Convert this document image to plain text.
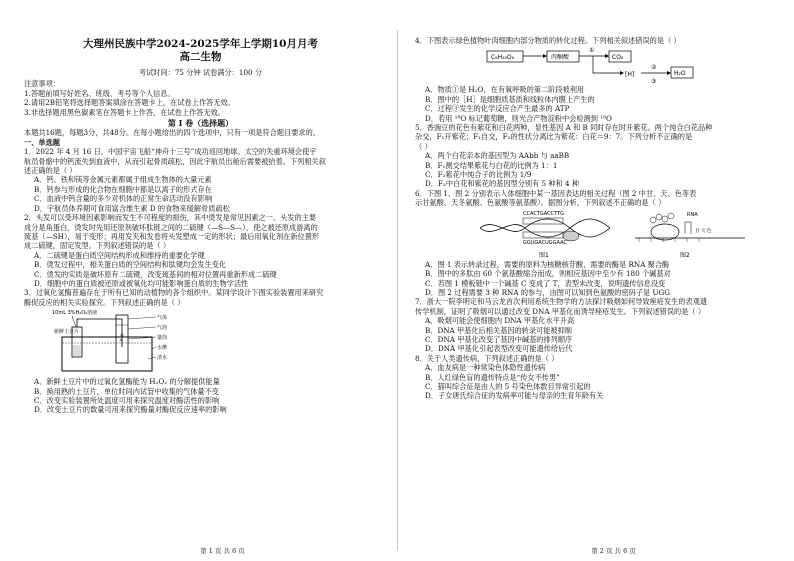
大理州民族中学2024-2025学年上学期10月月考

高二生物

考试时间：75 分钟 试卷满分：100 分

注意事项：

1.答题前填写好姓名、班级、考号等个人信息。

2.请用2B铅笔将选择题答案填涂在答题卡上，在试卷上作答无效。

3.非选择题用黑色碳素笔在答题卡上作答，在试卷上作答无效。

第 I 卷（选择题）

本题共16题，每题3分，共48分。在每小题给出的四个选项中，只有一项是符合题目要求的。

一、单选题

1．2022 年 4 月 16 日，中国宇宙飞船“神舟十三号”成功返回地球。太空的失重环境会使宇

航员骨骼中的钙流失到血液中，从而引起骨质疏松，因此宇航员出舱后需要被抬着。下列相关叙

述正确的是（ ）

A．钙、铁和镁等金属元素都属于组成生物体的大量元素

B．钙参与形成的化合物在细胞中都是以离子的形式存在

C．血液中钙含量的多少对机体的正常生命活动没有影响

D．宇航员体养期可食用富含维生素 D 的食物来缓解骨质疏松

2．头发可以受环境因素影响而发生不可程度的损伤，其中烫发是常见因素之一。头发的主要

成分是角蛋白，烫发时先用还原剂破坏肽链之间的二硫键（—S—S—），使之被还原成游离的

巯基（—SH），易于变形；再用发夹和发卷将头发塑成一定的形状；最后用氧化剂在新位置形

成二硫键，固定发型。下列叙述错误的是（ ）

A．二硫键是蛋白质空间结构形成和维持的重要化学键

B．烫发过程中，相关蛋白质的空间结构和肽键均会发生变化

C．烫发的实质是破坏原有二硫键，改变巯基间的相对位置再重新形成二硫键

D．细胞中的蛋白质被还原或被氧化均可能影响蛋白质的生物学活性

3．过氧化氢酶普遍存在于所有已知的动植物的各个组织中。某同学设计下图实验装置用来研究

酶促反应的相关实验探究。下列叙述正确的是（ ）

10mL 3%H₂O₂溶液
新鲜土豆片
气体
气泡
量筒
水槽
清水

A．新鲜土豆片中的过氧化氢酶能为 H₂O₂ 的分解提供能量

B．换用熟的土豆片，单位时间内试管中收集的气体量不变

C．改变实验装置所处温度可用来探究温度对酶活性的影响

D．改变土豆片的数量可用来探究酶量对酶促反应速率的影响

第 1 页 共 6 页

4．下图表示绿色植物叶肉细胞内部分物质的转化过程。下列相关叙述错误的是（ ）

C₆H₁₂O₆	丙酮酸
①
CO₂
[H]
②
③
H₂O

A．物质①是 H₂O，在有氧呼吸的第二阶段被利用

B．图中的［H］是细胞质基质和线粒体内膜上产生的

C．过程③发生的化学反应合产生最多的 ATP

D．若用 ¹⁸O 标记葡萄糖，则光合产物淀粉中会检测到 ¹⁸O

5．香豌豆的花色有紫花和白花两种，显性基因 A 和 B 同时存在时开紫花。两个纯合白花品种

杂交，F₁开紫花；F₁自交，F₂的性状分离比为紫花：白花＝9：7。下列分析不正确的是

（ ）

A．两个白花亲本的基因型为 AAbb 与 aaBB

B．F₁测交结果紫花与白花的比例为 1：1

C．F₂紫花中纯合子的比例为 1/9

D．F₂中白花和紫花的基因型分别有 5 种和 4 种

6．下图 1、图 2 分别表示人体细胞中某一基因表达的相关过程（图 2 中甘、天、色等表

示甘氨酸、天冬氨酸、色氨酸等氨基酸）。据图分析，下列叙述不正确的是（ ）

CCACTGACCTTG
GGUGACUGGAAC
图1
RNA
甘 天 色
图2

A．图 1 表示转录过程，需要的原料为核糖核苷酸，需要的酶是 RNA 聚合酶

B．图中的多肽由 60 个氨基酸缩合而成，则相应基因中至少有 180 个碱基对

C．若图 1 模板链中一个碱基 C 变成了 T，表型未改变，说明遗传信息没变

D．图 2 过程需要 3 种 RNA 的参与，由图可以知到色氨酸的密码子是 UGG

7．浙大一院李明定和马云龙首次利用系统生物学的方法探讨吸烟如何导致痤疮发生的表观遗

传学机制，证明了吸烟可以通过改变 DNA 甲基化而诱导痤疮发生。下列叙述错误的是（ ）

A．吸烟可能会使细胞内 DNA 甲基化水平升高

B．DNA 甲基化后相关基因的转录可能被抑制

C．DNA 甲基化改变了基因中碱基的排列顺序

D．DNA 甲基化引起表型改变可能遗传给后代

8．关于人类遗传病，下列叙述正确的是（ ）

A．血友病是一种常染色体隐性遗传病

B．人红绿色盲的遗传特点是“传女不传男”

C．猫叫综合征是由人的 5 号染色体数目异常引起的

D．子女唐氏综合征的发病率可能与母亲的生育年龄有关

第 2 页 共 6 页
